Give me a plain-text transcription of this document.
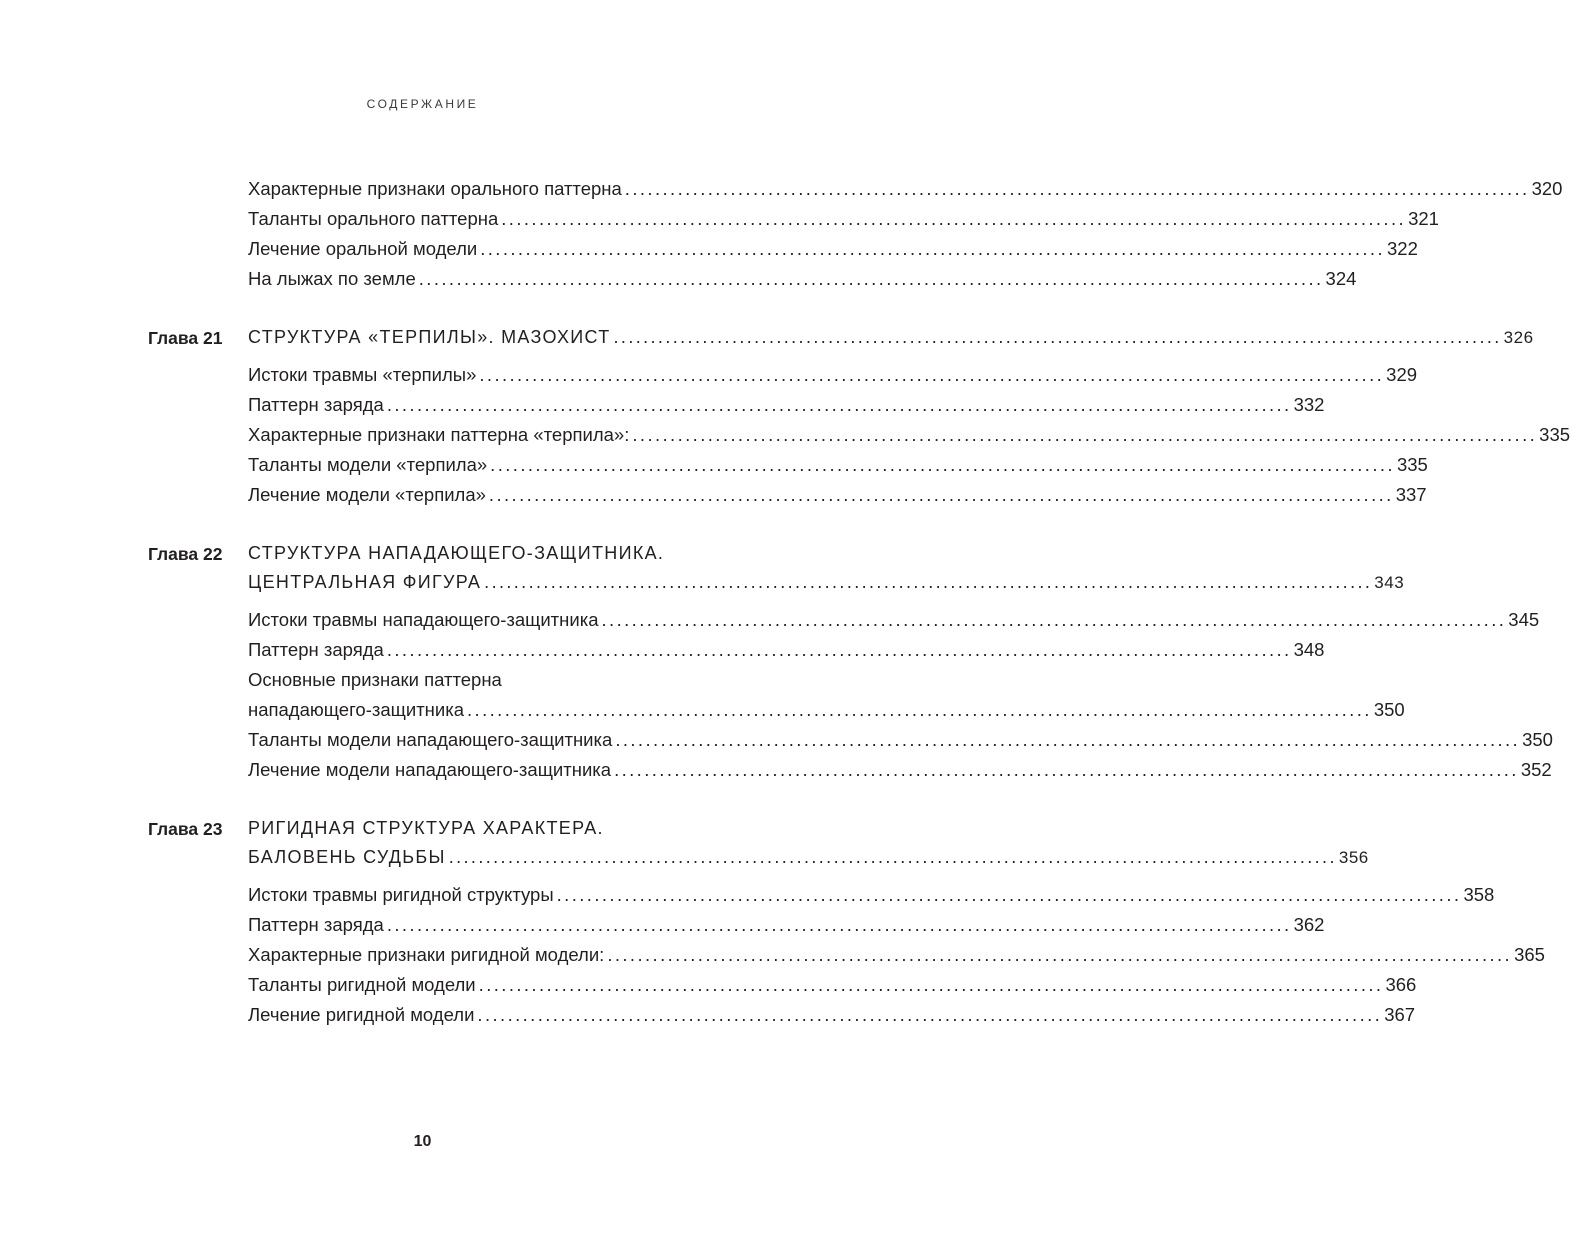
СОДЕРЖАНИЕ
Характерные признаки орального паттерна ........................................................................................................................ 320
Таланты орального паттерна ........................................................................................................................ 321
Лечение оральной модели ........................................................................................................................ 322
На лыжах по земле ........................................................................................................................ 324
Глава 21 СТРУКТУРА «ТЕРПИЛЫ». МАЗОХИСТ ........................................................................................................................ 326
Истоки травмы «терпилы» ........................................................................................................................ 329
Паттерн заряда ........................................................................................................................ 332
Характерные признаки паттерна «терпила»: ........................................................................................................................ 335
Таланты модели «терпила» ........................................................................................................................ 335
Лечение модели «терпила» ........................................................................................................................ 337
Глава 22 СТРУКТУРА НАПАДАЮЩЕГО-ЗАЩИТНИКА.
ЦЕНТРАЛЬНАЯ ФИГУРА ........................................................................................................................ 343
Истоки травмы нападающего-защитника ........................................................................................................................ 345
Паттерн заряда ........................................................................................................................ 348
Основные признаки паттерна
нападающего-защитника ........................................................................................................................ 350
Таланты модели нападающего-защитника ........................................................................................................................ 350
Лечение модели нападающего-защитника ........................................................................................................................ 352
Глава 23 РИГИДНАЯ СТРУКТУРА ХАРАКТЕРА.
БАЛОВЕНЬ СУДЬБЫ ........................................................................................................................ 356
Истоки травмы ригидной структуры ........................................................................................................................ 358
Паттерн заряда ........................................................................................................................ 362
Характерные признаки ригидной модели: ........................................................................................................................ 365
Таланты ригидной модели ........................................................................................................................ 366
Лечение ригидной модели ........................................................................................................................ 367
10
